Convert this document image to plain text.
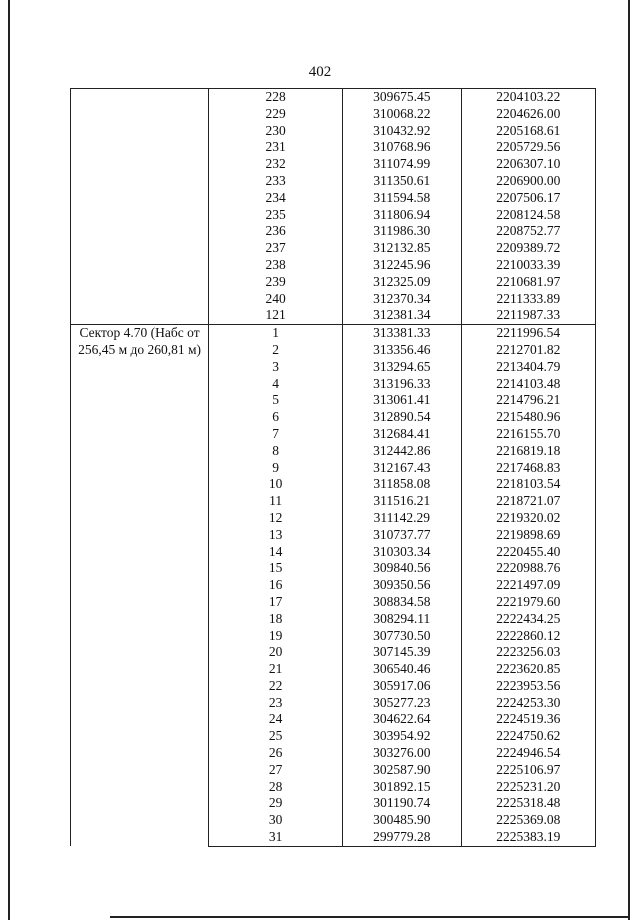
402
	228	309675.45	2204103.22
	229	310068.22	2204626.00
	230	310432.92	2205168.61
	231	310768.96	2205729.56
	232	311074.99	2206307.10
	233	311350.61	2206900.00
	234	311594.58	2207506.17
	235	311806.94	2208124.58
	236	311986.30	2208752.77
	237	312132.85	2209389.72
	238	312245.96	2210033.39
	239	312325.09	2210681.97
	240	312370.34	2211333.89
	121	312381.34	2211987.33
Сектор 4.70 (Набс от 256,45 м до 260,81 м)	1	313381.33	2211996.54
	2	313356.46	2212701.82
	3	313294.65	2213404.79
	4	313196.33	2214103.48
	5	313061.41	2214796.21
	6	312890.54	2215480.96
	7	312684.41	2216155.70
	8	312442.86	2216819.18
	9	312167.43	2217468.83
	10	311858.08	2218103.54
	11	311516.21	2218721.07
	12	311142.29	2219320.02
	13	310737.77	2219898.69
	14	310303.34	2220455.40
	15	309840.56	2220988.76
	16	309350.56	2221497.09
	17	308834.58	2221979.60
	18	308294.11	2222434.25
	19	307730.50	2222860.12
	20	307145.39	2223256.03
	21	306540.46	2223620.85
	22	305917.06	2223953.56
	23	305277.23	2224253.30
	24	304622.64	2224519.36
	25	303954.92	2224750.62
	26	303276.00	2224946.54
	27	302587.90	2225106.97
	28	301892.15	2225231.20
	29	301190.74	2225318.48
	30	300485.90	2225369.08
	31	299779.28	2225383.19
